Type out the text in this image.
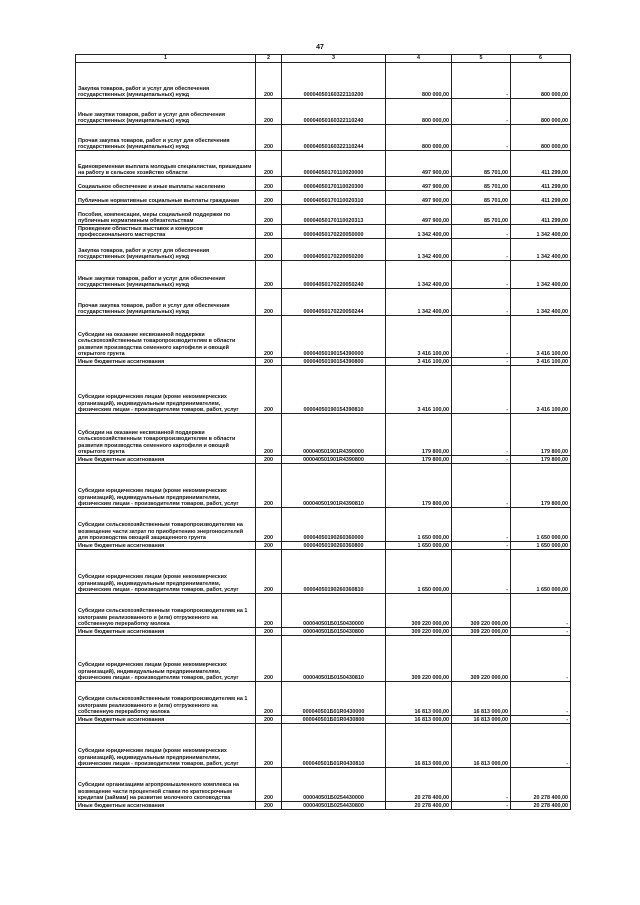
47
1	2	3	4	5	6
Закупка товаров, работ и услуг для обеспечения государственных (муниципальных) нужд	200	00004050160322110200	800 000,00	-	800 000,00
Иные закупки товаров, работ и услуг для обеспечения государственных (муниципальных) нужд	200	00004050160322110240	800 000,00	-	800 000,00
Прочая закупка товаров, работ и услуг для обеспечения государственных (муниципальных) нужд	200	00004050160322110244	800 000,00	-	800 000,00
Единовременная выплата молодым специалистам, пришедшим на работу в сельское хозяйство области	200	00004050170110020000	497 900,00	85 701,00	411 299,00
Социальное обеспечение и иные выплаты населению	200	00004050170110020300	497 900,00	85 701,00	411 299,00
Публичные нормативные социальные выплаты гражданам	200	00004050170110020310	497 900,00	85 701,00	411 299,00
Пособия, компенсации, меры социальной поддержки по публичным нормативным обязательствам	200	00004050170110020313	497 900,00	85 701,00	411 299,00
Проведение областных выставок и конкурсов профессионального мастерства	200	00004050170220050000	1 342 400,00	-	1 342 400,00
Закупка товаров, работ и услуг для обеспечения государственных (муниципальных) нужд	200	00004050170220050200	1 342 400,00	-	1 342 400,00
Иные закупки товаров, работ и услуг для обеспечения государственных (муниципальных) нужд	200	00004050170220050240	1 342 400,00	-	1 342 400,00
Прочая закупка товаров, работ и услуг для обеспечения государственных (муниципальных) нужд	200	00004050170220050244	1 342 400,00	-	1 342 400,00
Субсидии на оказание несвязанной поддержки сельскохозяйственным товаропроизводителям в области развития производства семенного картофеля и овощей открытого грунта	200	00004050190154390000	3 416 100,00	-	3 416 100,00
Иные бюджетные ассигнования	200	00004050190154390800	3 416 100,00	-	3 416 100,00
Субсидии юридическим лицам (кроме некоммерческих организаций), индивидуальным предпринимателям, физическим лицам - производителям товаров, работ, услуг	200	00004050190154390810	3 416 100,00	-	3 416 100,00
Субсидии на оказание несвязанной поддержки сельскохозяйственным товаропроизводителям в области развития производства семенного картофеля и овощей открытого грунта	200	000040501901R4390000	179 800,00	-	179 800,00
Иные бюджетные ассигнования	200	000040501901R4390800	179 800,00	-	179 800,00
Субсидии юридическим лицам (кроме некоммерческих организаций), индивидуальным предпринимателям, физическим лицам - производителям товаров, работ, услуг	200	000040501901R4390810	179 800,00	-	179 800,00
Субсидии сельскохозяйственным товаропроизводителям на возмещение части затрат по приобретению энергоносителей для производства овощей защищенного грунта	200	00004050190260360000	1 650 000,00	-	1 650 000,00
Иные бюджетные ассигнования	200	00004050190260360800	1 650 000,00	-	1 650 000,00
Субсидии юридическим лицам (кроме некоммерческих организаций), индивидуальным предпринимателям, физическим лицам - производителям товаров, работ, услуг	200	00004050190260360810	1 650 000,00	-	1 650 000,00
Субсидии сельскохозяйственным товаропроизводителям на 1 килограмм реализованного и (или) отгруженного на собственную переработку молока	200	000040501Б0150430000	309 220 000,00	309 220 000,00	-
Иные бюджетные ассигнования	200	000040501Б0150430800	309 220 000,00	309 220 000,00	-
Субсидии юридическим лицам (кроме некоммерческих организаций), индивидуальным предпринимателям, физическим лицам - производителям товаров, работ, услуг	200	000040501Б0150430810	309 220 000,00	309 220 000,00	-
Субсидии сельскохозяйственным товаропроизводителям на 1 килограмм реализованного и (или) отгруженного на собственную переработку молока	200	000040501Б01R0430000	16 813 000,00	16 813 000,00	-
Иные бюджетные ассигнования	200	000040501Б01R0430800	16 813 000,00	16 813 000,00	-
Субсидии юридическим лицам (кроме некоммерческих организаций), индивидуальным предпринимателям, физическим лицам - производителям товаров, работ, услуг	200	000040501Б01R0430810	16 813 000,00	16 813 000,00	-
Субсидии организациям агропромышленного комплекса на возмещение части процентной ставки по краткосрочным кредитам (займам) на развитие молочного скотоводства	200	000040501Б0254430000	20 278 400,00	-	20 278 400,00
Иные бюджетные ассигнования	200	000040501Б0254430800	20 278 400,00	-	20 278 400,00
